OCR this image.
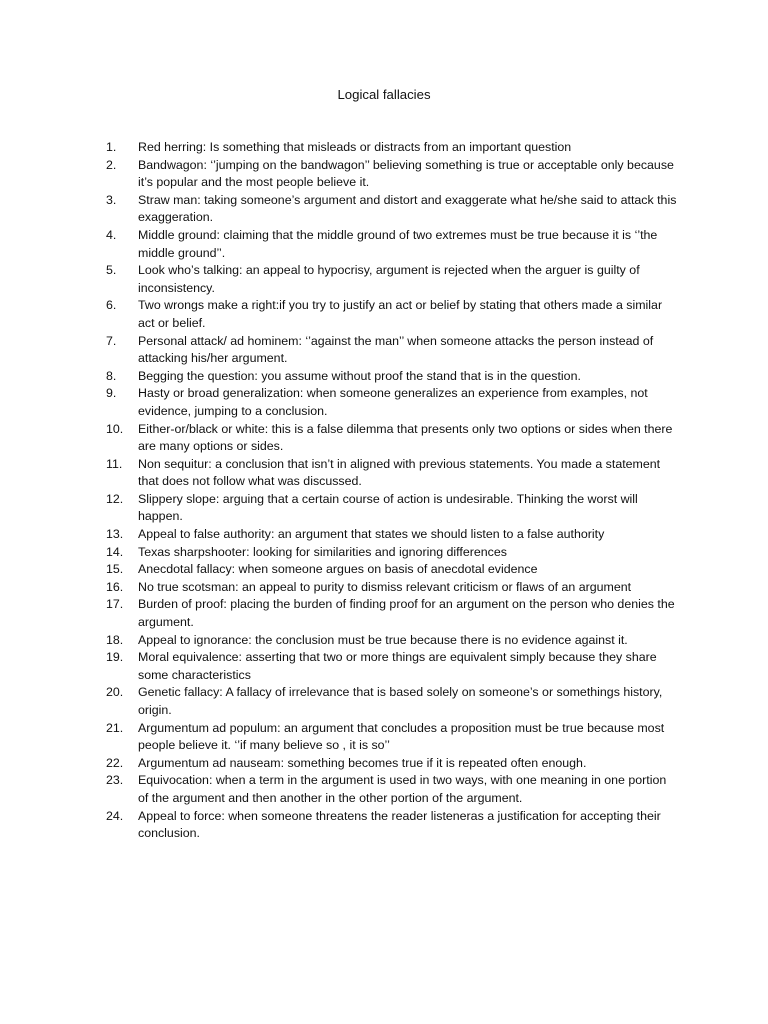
Logical fallacies
1.	Red herring: Is something that misleads or distracts from an important question
2.	Bandwagon: ‘’jumping on the bandwagon’’ believing something is true or acceptable only because it’s popular and the most people believe it.
3.	Straw man: taking someone’s argument and distort and exaggerate what he/she said to attack this exaggeration.
4.	Middle ground: claiming that the middle ground of two extremes must be true because it is ‘’the middle ground’’.
5.	Look who’s talking: an appeal to hypocrisy, argument is rejected when the arguer is guilty of inconsistency.
6.	Two wrongs make a right:if you try to justify an act or belief by stating that others made a similar act or belief.
7.	Personal attack/ ad hominem: ‘’against the man’’ when someone attacks the person instead of attacking his/her argument.
8.	Begging the question: you assume without proof the stand that is in the question.
9.	Hasty or broad generalization: when someone generalizes an experience from examples, not evidence, jumping to a conclusion.
10.	Either-or/black or white: this is a false dilemma that presents only two options or sides when there are many options or sides.
11.	Non sequitur: a conclusion that isn’t in aligned with previous statements. You made a statement that does not follow what was discussed.
12.	Slippery slope: arguing that a certain course of action is undesirable. Thinking the worst will happen.
13.	Appeal to false authority: an argument that states we should listen to a false authority
14.	Texas sharpshooter: looking for similarities and ignoring differences
15.	Anecdotal fallacy: when someone argues on basis of anecdotal evidence
16.	No true scotsman: an appeal to purity to dismiss relevant criticism or flaws of an argument
17.	Burden of proof: placing the burden of finding proof for an argument on the person who denies the argument.
18.	Appeal to ignorance: the conclusion must be true because there is no evidence against it.
19.	Moral equivalence: asserting that two or more things are equivalent simply because they share some characteristics
20.	Genetic fallacy: A fallacy of irrelevance that is based solely on someone’s or somethings history, origin.
21.	Argumentum ad populum: an argument that concludes a proposition must be true because most people believe it. ‘’if many believe so , it is so’’
22.	Argumentum ad nauseam: something becomes true if it is repeated often enough.
23.	Equivocation: when a term in the argument is used in two ways, with one meaning in one portion of the argument and then another in the other portion of the argument.
24.	Appeal to force: when someone threatens the reader listeneras a justification for accepting their conclusion.
